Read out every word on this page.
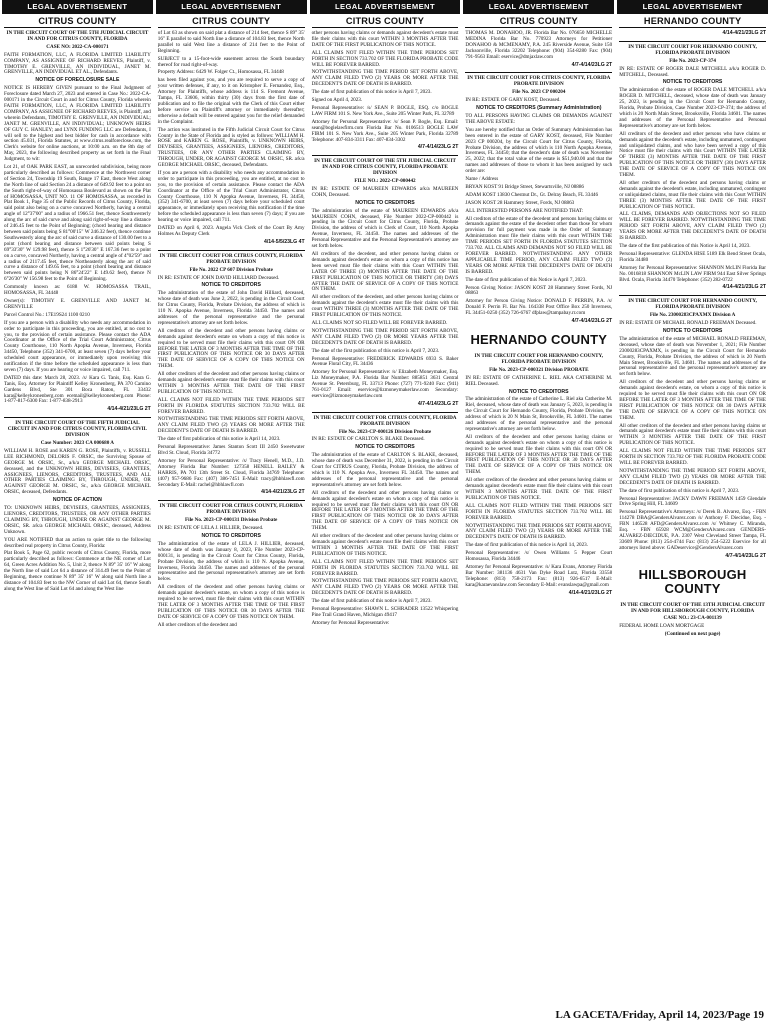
LEGAL ADVERTISEMENT
CITRUS COUNTY

IN THE CIRCUIT COURT OF THE 5TH JUDICIAL CIRCUIT IN AND FOR CITRUS COUNTY, FLORIDA

CASE NO: 2022-CA-000171

FAITH FORMATION, LLC, A FLORIDA LIMITED LIABILITY COMPANY, AS ASSIGNEE OF RICHARD REEVES, Plaintiff, v. TIMOTHY E. GRENVILLE, AN INDIVIDUAL, JANET M. GRENVILLE, AN INDIVIDUAL ET AL., Defendants.

NOTICE OF FORECLOSURE SALE

NOTICE IS HEREBY GIVEN pursuant to the Final Judgment of Foreclosure dated March 27, 2023 and entered in Case No.: 2022-CA-000171 in the Circuit Court in and for Citrus County, Florida wherein FAITH FORMATION, LLC, A FLORIDA LIMITED LIABILITY COMPANY, AS ASSIGNEE OF RICHARD REEVES, is Plaintiff, and wherein Defendants, TIMOTHY E. GRENVILLE, AN INDIVIDUAL; JANET M. GRENVILLE, AN INDIVIDUAL; UNKNOWN HEIRS OF GUY C. HANLEY; and LYNX FUNDING LLC are Defendants, I will sell to the highest and best bidder for cash in accordance with section 45.031, Florida Statutes, at www.citrus.realforeclose.com, the Clerk's website for online auctions, at 10:00 a.m. on the 8th day of May, 2023, the following described property as set forth in the Final Judgment, to wit:

Lot 21, of OAK PARK EAST, an unrecorded subdivision, being more particularly described as follows: Commence at the Northwest corner of Section 24, Township 19 South, Range 17 East, thence West along the North line of said Section 24 a distance of 649.92 feet to a point on the South right-of-way of Homosassa Boulevard as shown on the Plat of HOMOSASSA, UNIT NO. 11 OF HOMOSASSA, as recorded in Plat Book 1, Page 35 of the Public Records of Citrus County, Florida, said point also being on a curve concaved Northerly, having a central angle of 12°37'00" and a radius of 1966.51 feet, thence Southwesterly along the arc of said curve and along said right-of-way line a distance of 246.45 feet to the Point of Beginning; (chord bearing and distance between said points being S 81°00'15" W 246.32 feet), thence continue Southwesterly along the arc of said curve a distance of 130.00 feet to a point (chord bearing and distance between said points being S 69°33'30" W 129.98 feet), thence S 1°26'30" E 167.36 feet to a point on a curve, concaved Northerly, having a central angle of 4°02'59" and a radius of 2117.45 feet, thence Northeasterly along the arc of said curve a distance of 149.65 feet, to a point (chord bearing and distance between said points being N 86°24'22" E 149.62 feet), thence N 6°26'30" W 156.98 feet to the Point of Beginning.

Commonly known as: 6188 W. HOMOSASSA TRAIL, HOMOSASSA, FL 34448

Owner(s): TIMOTHY E. GRENVILLE AND JANET M. GRENVILLE

Parcel Control No.: 17E19S24 1100 0210

If you are a person with a disability who needs any accommodation in order to participate in this proceeding, you are entitled, at no cost to you, to the provision of certain assistance. Please contact the ADA Coordinator at the Office of the Trial Court Administrator, Citrus County Courthouse, 110 North Apopka Avenue, Inverness, Florida 34450, Telephone (352) 341-6700, at least seven (7) days before your scheduled court appearance, or immediately upon receiving this notification if the time before the scheduled appearance is less than seven (7) days. If you are hearing or voice impaired, call 711.

DATED this date: March 28, 2023. /s/ Kara G. Tanis, Esq. Kara G. Tanis, Esq. Attorney for Plaintiff Kelley Kronenberg, PA 370 Camino Gardens Blvd, Ste 301 Boca Raton, FL 33432 kara@kelleykronenberg.com ecemail@kelleykronenberg.com Phone: 1-877-817-6300 Fax: 1-877-838-2913

4/14-4/21/23LG 2T

IN THE CIRCUIT COURT OF THE FIFTH JUDICIAL CIRCUIT IN AND FOR CITRUS COUNTY, FLORIDA CIVIL DIVISION

Case Number: 2023 CA 000680 A

WILLIAM H. ROSE and KAREN G. ROSE, Plaintiffs, v. RUSSELL LEE RICHMOND, DELORIS F. ORSIC, the Surviving Spouse of GEORGE M. ORSIC, Sr., a/k/a GEORGE MICHAEL ORSIC, deceased, and the UNKNOWN HEIRS, DEVISEES, GRANTEES, ASSIGNEES, LIENORS, CREDITORS, TRUSTEES, AND ALL OTHER PARTIES CLAIMING BY, THROUGH, UNDER, OR AGAINST GEORGE M. ORSIC, Sr., a/k/a GEORGE MICHAEL ORSIC, deceased, Defendants.

NOTICE OF ACTION

TO: UNKNOWN HEIRS, DEVISEES, GRANTEES, ASSIGNEES, LIENORS, CREDITORS, TRUSTEES, OR ANY OTHER PARTIES CLAIMING BY, THROUGH, UNDER OR AGAINST GEORGE M. ORSIC, SR. a/k/a GEORGE MICHAEL ORSIC, deceased, Address Unknown.

YOU ARE NOTIFIED that an action to quiet title to the following described real property in Citrus County, Florida:

Plat Book 5, Page 62, public records of Citrus County, Florida, more particularly described as follows: Commence at the NE corner of Lot 64, Green Acres Addition No. 5, Unit 2, thence N 89° 35' 16" W along the North line of said Lot 64 a distance of 314.49 feet to the Point of Beginning, thence continue N 89° 35' 16" W along said North line a distance of 104.83 feet to the NW Corner of said Lot 64, thence South along the West line of Said Lot 64 and along the West line

LEGAL ADVERTISEMENT
CITRUS COUNTY

of Lot 63 as shown on said plat a distance of 214 feet, thence S 89° 35' 16" E parallel to said North line a distance of 104.83 feet, thence North parallel to said West line a distance of 214 feet to the Point of Beginning.

SUBJECT to a 15-foot-wide easement across the South boundary thereof for road right-of-way.

Property Address: 6429 W. Folger Ct., Homosassa, FL 34448

has been filed against you, and you are required to serve a copy of your written defenses, if any, to it on Kristopher E. Fernandez, Esq., Attorney for Plaintiffs, whose address is 114 S. Fremont Avenue, Tampa, FL 33606, within thirty (30) days from the first date of publication and to file the original with the Clerk of this Court either before service on Plaintiff's attorney or immediately thereafter; otherwise a default will be entered against you for the relief demanded in the Complaint.

The action was instituted in the Fifth Judicial Circuit Court for Citrus County in the State of Florida and is styled as follows: WILLIAM H. ROSE and KAREN G. ROSE, Plaintiffs, v. UNKNOWN HEIRS, DEVISEES, GRANTEES, ASSIGNEES, LIENORS, CREDITORS, TRUSTEES, OR ANY OTHER PARTIES CLAIMING BY, THROUGH, UNDER, OR AGAINST GEORGE M. ORSIC, SR. a/k/a GEORGE MICHAEL ORSIC, deceased, Defendants.

If you are a person with a disability who needs any accommodation in order to participate in this proceeding, you are entitled, at no cost to you, to the provision of certain assistance. Please contact the ADA Coordinator at the Office of the Trial Court Administrator, Citrus County Courthouse, 110 N Apopka Avenue, Inverness, FL 34450, (352) 341-6700, at least seven (7) days before your scheduled court appearance, or immediately upon receiving this notification if the time before the scheduled appearance is less than seven (7) days; if you are hearing or voice impaired, call 711.

DATED on April 6, 2023. Angela Vick Clerk of the Court By Amy Holmes As Deputy Clerk

4/14-5/5/23LG 4T

IN THE CIRCUIT COURT FOR CITRUS COUNTY, FLORIDA PROBATE DIVISION

File No. 2022 CP 607 Division Probate

IN RE: ESTATE OF JOHN DAVID HILLIARD Deceased.

NOTICE TO CREDITORS

The administration of the estate of John David Hilliard, deceased, whose date of death was June 2, 2022, is pending in the Circuit Court for Citrus County, Florida, Probate Division, the address of which is 110 N. Apopka Avenue, Inverness, Florida 34450. The names and addresses of the personal representative and the personal representative's attorney are set forth below.

All creditors of the decedent and other persons having claims or demands against decedent's estate on whom a copy of this notice is required to be served must file their claims with this court ON OR BEFORE THE LATER OF 3 MONTHS AFTER THE TIME OF THE FIRST PUBLICATION OF THIS NOTICE OR 30 DAYS AFTER THE DATE OF SERVICE OF A COPY OF THIS NOTICE ON THEM.

All other creditors of the decedent and other persons having claims or demands against decedent's estate must file their claims with this court WITHIN 3 MONTHS AFTER THE DATE OF THE FIRST PUBLICATION OF THIS NOTICE.

ALL CLAIMS NOT FILED WITHIN THE TIME PERIODS SET FORTH IN FLORIDA STATUTES SECTION 733.702 WILL BE FOREVER BARRED.

NOTWITHSTANDING THE TIME PERIODS SET FORTH ABOVE, ANY CLAIM FILED TWO (2) YEARS OR MORE AFTER THE DECEDENT'S DATE OF DEATH IS BARRED.

The date of first publication of this notice is April 14, 2023.

Personal Representative: James Stanton Scott III 2450 Sweetwater Blvd St. Cloud, Florida 34772

Attorney for Personal Representative: /s/ Tracy Henell, M.D., J.D. Attorney Florida Bar Number: 127358 HENELL BAILEY & HARRIS, PA 701 13th Street St. Cloud, Florida 34769 Telephone: (407) 957-9686 Fax: (407) 386-7451 E-Mail: tracy@hbhlawfl.com Secondary E-Mail: rachel@hbhlawfl.com

4/14-4/21/23LG 2T

IN THE CIRCUIT COURT FOR CITRUS COUNTY, FLORIDA PROBATE DIVISION

File No. 2023-CP-000131 Division Probate

IN RE: ESTATE OF LELA J. HILLIER, Deceased.

NOTICE TO CREDITORS

The administration of the estate of LELA J. HILLIER, deceased, whose date of death was January 8, 2023, File Number 2023-CP-000131, is pending in the Circuit Court for Citrus County, Florida, Probate Division, the address of which is 110 N. Apopka Avenue, Inverness, Florida 34450. The names and addresses of the personal representative and the personal representative's attorney are set forth below.

All creditors of the decedent and other persons having claims or demands against decedent's estate, on whom a copy of this notice is required to be served, must file their claims with this court WITHIN THE LATER OF 3 MONTHS AFTER THE TIME OF THE FIRST PUBLICATION OF THIS NOTICE OR 30 DAYS AFTER THE DATE OF SERVICE OF A COPY OF THIS NOTICE ON THEM.

All other creditors of the decedent and

LEGAL ADVERTISEMENT
CITRUS COUNTY

other persons having claims or demands against decedent's estate must file their claims with this court WITHIN 3 MONTHS AFTER THE DATE OF THE FIRST PUBLICATION OF THIS NOTICE.

ALL CLAIMS NOT FILED WITHIN THE TIME PERIODS SET FORTH IN SECTION 733.702 OF THE FLORIDA PROBATE CODE WILL BE FOREVER BARRED.

NOTWITHSTANDING THE TIME PERIOD SET FORTH ABOVE, ANY CLAIM FILED TWO (2) YEARS OR MORE AFTER THE DECEDENT'S DATE OF DEATH IS BARRED.

The date of first publication of this notice is April 7, 2023.

Signed on April 4, 2023.

Personal Representative: /s/ SEAN P. BOGLE, ESQ. c/o BOGLE LAW FIRM 101 S. New York Ave., Suite 205 Winter Park, FL 32789

Attorney for Personal Representative: /s/ Sean P. Bogle, Esq. Email: sean@boglelawfirm.com Florida Bar No. 0106513 BOGLE LAW FIRM 101 S. New York Ave., Suite 205 Winter Park, Florida 32789 Telephone: 407-834-3311 Fax: 407-834-3302

4/7-4/14/23LG 2T

IN THE CIRCUIT COURT OF THE 5TH JUDICIAL CIRCUIT IN AND FOR CITRUS COUNTY, FLORIDA PROBATE DIVISION

FILE NO.: 2022-CP-000442

IN RE: ESTATE OF MAUREEN EDWARDS a/k/a MAUREEN COHN, Deceased.

NOTICE TO CREDITORS

The administration of the estate of MAUREEN EDWARDS a/k/a MAUREEN COHN, deceased, File Number 2022-CP-000442 is pending in the Circuit Court for Citrus County, Florida, Probate Division, the address of which is Clerk of Court, 110 North Apopka Avenue, Inverness, FL 34450. The names and addresses of the Personal Representative and the Personal Representative's attorney are set forth below.

All creditors of the decedent, and other persons having claims or demands against decedent's estate on whom a copy of this notice has been served must file their claims with this Court WITHIN THE LATER OF THREE (3) MONTHS AFTER THE DATE OF THE FIRST PUBLICATION OF THIS NOTICE OR THIRTY (30) DAYS AFTER THE DATE OF SERVICE OF A COPY OF THIS NOTICE ON THEM.

All other creditors of the decedent, and other persons having claims or demands against the decedent's estate must file their claims with this court WITHIN THREE (3) MONTHS AFTER THE DATE OF THE FIRST PUBLICATION OF THIS NOTICE.

ALL CLAIMS NOT SO FILED WILL BE FOREVER BARRED.

NOTWITHSTANDING THE TIME PERIOD SET FORTH ABOVE, ANY CLAIM FILED TWO (2) OR MORE YEARS AFTER THE DECEDENT'S DATE OF DEATH IS BARRED.

The date of the first publication of this notice is April 7, 2023.

Personal Representative: FREDERICK EDWARDS 6933 S. Baker Avenue Floral City, FL 34436

Attorney for Personal Representative: /s/ Elizabeth Moneymaker, Esq. Liz Moneymaker, P.A. Florida Bar Number: 885851 3631 Central Avenue St. Petersburg, FL 33713 Phone: (727) 771-9240 Fax: (941) 761-0127 Email: eservice@lizmoneymakerlaw.com Secondary: eservice@lizmoneymakerlaw.com

4/7-4/14/23LG 2T

IN THE CIRCUIT COURT FOR CITRUS COUNTY, FLORIDA PROBATE DIVISION

File No. 2023-CP-000126 Division Probate

IN RE: ESTATE OF CARLTON S. BLAKE Deceased.

NOTICE TO CREDITORS

The administration of the estate of CARLTON S. BLAKE, deceased, whose date of death was December 31, 2022, is pending in the Circuit Court for CITRUS County, Florida, Probate Division, the address of which is 110 N. Apopka Ave., Inverness FL 34450. The names and addresses of the personal representative and the personal representative's attorney are set forth below.

All creditors of the decedent and other persons having claims or demands against decedent's estate on whom a copy of this notice is required to be served must file their claims with this court ON OR BEFORE THE LATER OF 3 MONTHS AFTER THE TIME OF THE FIRST PUBLICATION OF THIS NOTICE OR 30 DAYS AFTER THE DATE OF SERVICE OF A COPY OF THIS NOTICE ON THEM.

All other creditors of the decedent and other persons having claims or demands against decedent's estate must file their claims with this court WITHIN 3 MONTHS AFTER THE DATE OF THE FIRST PUBLICATION OF THIS NOTICE.

ALL CLAIMS NOT FILED WITHIN THE TIME PERIODS SET FORTH IN FLORIDA STATUTES SECTION 733.702 WILL BE FOREVER BARRED.

NOTWITHSTANDING THE TIME PERIODS SET FORTH ABOVE, ANY CLAIM FILED TWO (2) YEARS OR MORE AFTER THE DECEDENT'S DATE OF DEATH IS BARRED.

The date of first publication of this notice is April 7, 2023.

Personal Representative: SHAWN L. SCHRADER 13522 Whispering Pine Trail Grand Haven, Michigan 49417

Attorney for Personal Representative:

LEGAL ADVERTISEMENT
CITRUS COUNTY

THOMAS M. DONAHOO, JR. Florida Bar No. 076650 MICHELLE MEDINA Florida Bar No. 770923 Attorneys for Petitioner DONAHOO & MCMENAMY, P.A. 245 Riverside Avenue, Suite 150 Jacksonville, Florida 32202 Telephone: (904) 354-8280 Fax: (904) 791-9563 Email: eservice@dmjaxlaw.com

4/7-4/14/23LG 2T

IN THE CIRCUIT COURT FOR CITRUS COUNTY, FLORIDA PROBATE DIVISION

File No. 2023 CP 000204

IN RE: ESTATE OF GARY KOST, Deceased.

NOTICE TO CREDITORS (Summary Administration)

TO ALL PERSONS HAVING CLAIMS OR DEMANDS AGAINST THE ABOVE ESTATE:

You are hereby notified that an Order of Summary Administration has been entered in the estate of GARY KOST, deceased, File Number 2023 CP 000204, by the Circuit Court for Citrus County, Florida, Probate Division, the address of which is 110 North Apopka Avenue, Inverness, FL 34450; that the decedent's date of death was November 25, 2022; that the total value of the estate is $51,940.00 and that the names and addresses of those to whom it has been assigned by such order are:

Name / Address

BRYAN KOST 91 Bridge Street, Stewartsville, NJ 08886

ADAM KOST 13830 Chestnut Dr., Gt. Delray Beach, FL 33446

JASON KOST 28 Hammery Street, Fords, NJ 08863

ALL INTERESTED PERSONS ARE NOTIFIED THAT:

All creditors of the estate of the decedent and persons having claims or demands against the estate of the decedent other than those for whom provision for full payment was made in the Order of Summary Administration must file their claims with this court WITHIN THE TIME PERIODS SET FORTH IN FLORIDA STATUTES SECTION 733.702. ALL CLAIMS AND DEMANDS NOT SO FILED WILL BE FOREVER BARRED. NOTWITHSTANDING ANY OTHER APPLICABLE TIME PERIOD, ANY CLAIM FILED TWO (2) YEARS OR MORE AFTER THE DECEDENT'S DATE OF DEATH IS BARRED.

The date of first publication of this Notice is April 7, 2023.

Person Giving Notice: JASON KOST 28 Hammery Street Fords, NJ 08863

Attorney for Person Giving Notice: DONALD F. PERRIN, P.A. /s/ Donald F. Perrin Fl. Bar No. 164338 Post Office Box 250 Inverness, FL 34451-0250 (352) 726-6767 dfplaw@tampabay.rr.com

4/7-4/14/23LG 2T

HERNANDO COUNTY

IN THE CIRCUIT COURT FOR HERNANDO COUNTY, FLORIDA PROBATE DIVISION

File No. 2023-CP-000321 Division PROBATE

IN RE: ESTATE OF CATHERINE L. RIEL AKA CATHERINE M. RIEL Deceased.

NOTICE TO CREDITORS

The administration of the estate of Catherine L. Riel aka Catherine M. Riel, deceased, whose date of death was January 5, 2023, is pending in the Circuit Court for Hernando County, Florida, Probate Division, the address of which is 20 N Main St, Brooksville, FL 34601. The names and addresses of the personal representative and the personal representative's attorney are set forth below.

All creditors of the decedent and other persons having claims or demands against decedent's estate on whom a copy of this notice is required to be served must file their claims with this court ON OR BEFORE THE LATER OF 3 MONTHS AFTER THE TIME OF THE FIRST PUBLICATION OF THIS NOTICE OR 30 DAYS AFTER THE DATE OF SERVICE OF A COPY OF THIS NOTICE ON THEM.

All other creditors of the decedent and other persons having claims or demands against decedent's estate must file their claims with this court WITHIN 3 MONTHS AFTER THE DATE OF THE FIRST PUBLICATION OF THIS NOTICE.

ALL CLAIMS NOT FILED WITHIN THE TIME PERIODS SET FORTH IN FLORIDA STATUTES SECTION 733.702 WILL BE FOREVER BARRED.

NOTWITHSTANDING THE TIME PERIODS SET FORTH ABOVE, ANY CLAIM FILED TWO (2) YEARS OR MORE AFTER THE DECEDENT'S DATE OF DEATH IS BARRED.

The date of first publication of this notice is April 14, 2023.

Personal Representative: /s/ Owen Williams 5 Pepper Court Homosassa, Florida 34446

Attorney for Personal Representative: /s/ Kara Evans, Attorney Florida Bar Number: 381136 4631 Van Dyke Road Lutz, Florida 33558 Telephone: (813) 758-2173 Fax: (813) 926-6517 E-Mail: kara@karaevanslaw.com Secondary E-Mail: evanslawpa@gmail.com

4/14-4/21/23LG 2T

LEGAL ADVERTISEMENT
HERNANDO COUNTY

4/14-4/21/23LG 2T

IN THE CIRCUIT COURT FOR HERNANDO COUNTY, FLORIDA PROBATE DIVISION

File No. 2023-CP-374

IN RE: ESTATE OF ROGER DALE MITCHELL a/k/a ROGER D. MITCHELL, Deceased.

NOTICE TO CREDITORS

The administration of the estate of ROGER DALE MITCHELL a/k/a ROGER D. MITCHELL, deceased, whose date of death was January 25, 2023, is pending in the Circuit Court for Hernando County, Florida, Probate Division, Case Number 2023-CP-374; the address of which is 20 North Main Street, Brooksville, Florida 34601. The names and addresses of the Personal Representative and Personal Representative's attorney are set forth below.

All creditors of the decedent and other persons who have claims or demands against the decedent's estate, including unmatured, contingent and unliquidated claims, and who have been served a copy of this Notice must file their claims with this Court WITHIN THE LATER OF THREE (3) MONTHS AFTER THE DATE OF THE FIRST PUBLICATION OF THIS NOTICE OR THIRTY (30) DAYS AFTER THE DATE OF SERVICE OF A COPY OF THIS NOTICE ON THEM.

All other creditors of the decedent and persons having claims or demands against the decedent's estate, including unmatured, contingent or unliquidated claims, must file their claims with this Court WITHIN THREE (3) MONTHS AFTER THE DATE OF THE FIRST PUBLICATION OF THIS NOTICE.

ALL CLAIMS, DEMANDS AND OBJECTIONS NOT SO FILED WILL BE FOREVER BARRED. NOTWITHSTANDING THE TIME PERIOD SET FORTH ABOVE, ANY CLAIM FILED TWO (2) YEARS OR MORE AFTER THE DECEDENT'S DATE OF DEATH IS BARRED.

The date of the first publication of this Notice is April 14, 2023.

Personal Representative: GLENDA HISE 5189 Elk Bend Street Ocala, Florida 34480

Attorney for Personal Representative: SHANNON McLIN Florida Bar No. 0016818 SHANNON McLIN LAW FIRM 944 East Silver Springs Blvd. Ocala, Florida 34470 Telephone: (352) 282-0722

4/14-4/21/23LG 2T

IN THE CIRCUIT COURT FOR HERNANDO COUNTY, FLORIDA PROBATE DIVISION

File No. 23000283CPAXMX Division A

IN RE: ESTATE OF MICHAEL RONALD FREEMAN Deceased.

NOTICE TO CREDITORS

The administration of the estate of MICHAEL RONALD FREEMAN, deceased, whose date of death was November 1, 2021; File Number 23000283CPAXMX, is pending in the Circuit Court for Hernando County, Florida, Probate Division, the address of which is 20 North Main Street, Brooksville, FL 34601. The names and addresses of the personal representative and the personal representative's attorney are set forth below.

All creditors of the decedent and other persons having claims or demands against decedent's estate, on whom a copy of this notice is required to be served must file their claims with this court ON OR BEFORE THE LATER OF 3 MONTHS AFTER THE TIME OF THE FIRST PUBLICATION OF THIS NOTICE OR 30 DAYS AFTER THE DATE OF SERVICE OF A COPY OF THIS NOTICE ON THEM.

All other creditors of the decedent and other persons having claims or demands against decedent's estate must file their claims with this court WITHIN 3 MONTHS AFTER THE DATE OF THE FIRST PUBLICATION OF THIS NOTICE.

ALL CLAIMS NOT FILED WITHIN THE TIME PERIODS SET FORTH IN SECTION 733.702 OF THE FLORIDA PROBATE CODE WILL BE FOREVER BARRED.

NOTWITHSTANDING THE TIME PERIOD SET FORTH ABOVE, ANY CLAIM FILED TWO (2) YEARS OR MORE AFTER THE DECEDENT'S DATE OF DEATH IS BARRED.

The date of first publication of this notice is April 7, 2023.

Personal Representative: JACKY DAWN FREEMAN 1459 Glendale Drive Spring Hill, FL 34609

Personal Representative's Attorneys: /s/ Derek B. Alvarez, Esq. - FBN 114278 DBA@GendersAlvarez.com /s/ Anthony F. Diecidue, Esq. - FBN 146528 AFD@GendersAlvarez.com /s/ Whitney C. Miranda, Esq. - FBN 65928 WCM@GendersAlvarez.com GENDERS-ALVAREZ-DIECIDUE, P.A. 2307 West Cleveland Street Tampa, FL 33609 Phone: (813) 254-4744 Fax: (813) 254-5222 Eservice for all attorneys listed above: GADeservice@GendersAlvarez.com

4/7-4/14/23LG 2T

HILLSBOROUGH COUNTY

IN THE CIRCUIT COURT OF THE 13TH JUDICIAL CIRCUIT IN AND FOR HILLSBOROUGH COUNTY, FLORIDA

CASE NO.: 23-CA-001139

FEDERAL HOME LOAN MORTGAGE

(Continued on next page)

LA GACETA/Friday, April 14, 2023/Page 19
